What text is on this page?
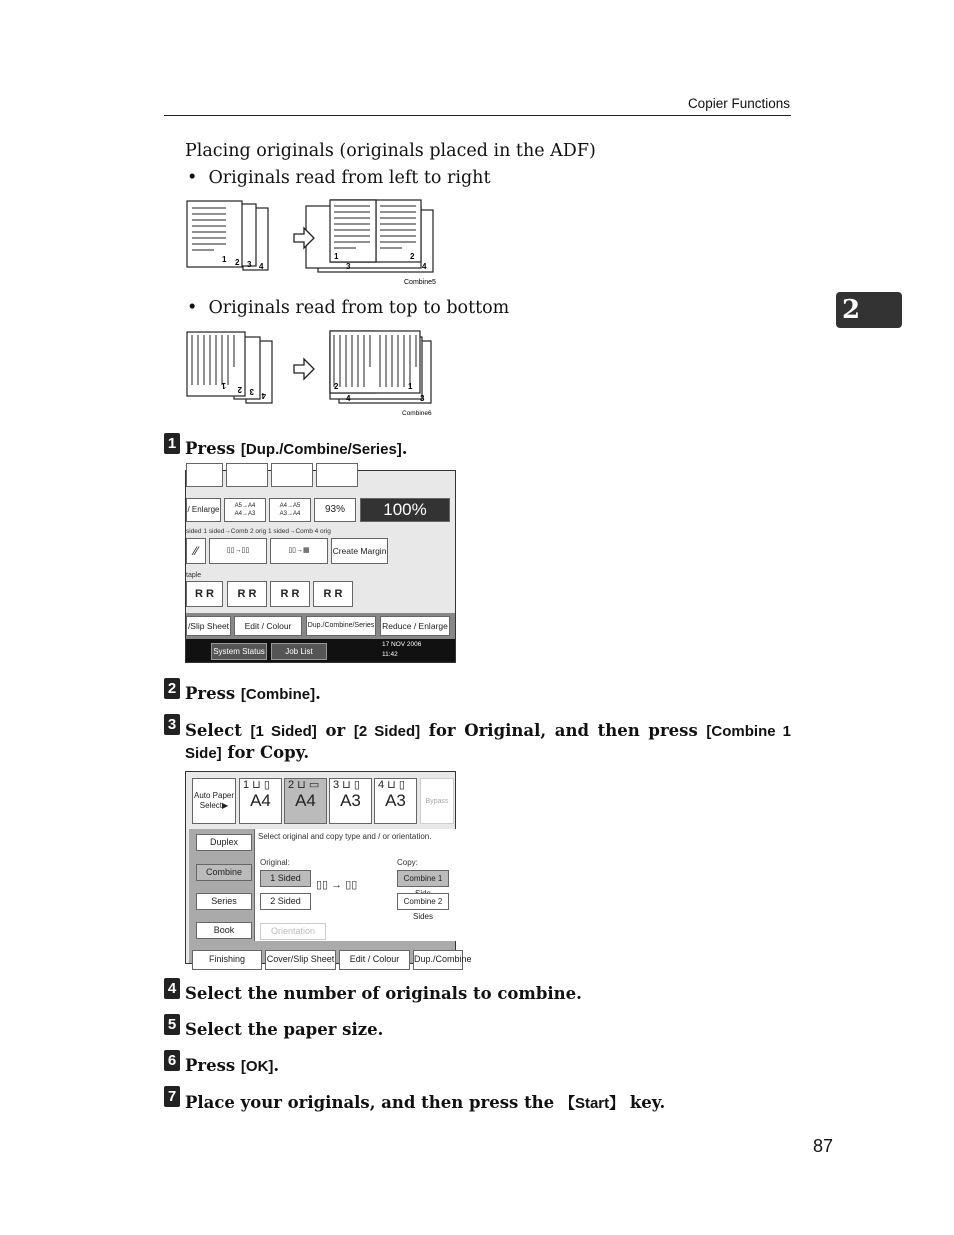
Copier Functions
2
Placing originals (originals placed in the ADF)
•  Originals read from left to right
1 2 3 4
1	2
3	4
Combine5
•  Originals read from top to bottom
1 2 3 4
1
2
3
4
Combine6
1 Press [Dup./Combine/Series].
/ Enlarge	A5→A4
A4→A3
A4→A5
A3→A4	93%	100%
sided 1 sided→Comb 2 orig 1 sided→Comb 4 orig
⁄⁄	▯▯→▯▯	▯▯→▦	Create Margin
taple
R R	R R	R R	R R
/Slip Sheet	Edit / Colour	Dup./Combine/Series Reduce / Enlarge
System Status	Job List
17 NOV 2006
11:42
2 Press [Combine].
3 Select [1 Sided] or [2 Sided] for Original, and then press [Combine 1 Side] for Copy.
Auto Paper Select▶
1 ⊔ ▯
A4
2 ⊔ ▭
A4
3 ⊔ ▯
A3
4 ⊔ ▯
A3	Bypass
Duplex
Combine
Series
Book
Select original and copy type and / or orientation.
Original:	Copy:
1 Sided
2 Sided
▯▯ → ▯▯
Combine 1
Combine 2 Sides
Orientation
Finishing	Cover/Slip Sheet	Edit / Colour	Dup./Combine
4 Select the number of originals to combine.
5 Select the paper size.
6 Press [OK].
7 Place your originals, and then press the 【Start】 key.
87
